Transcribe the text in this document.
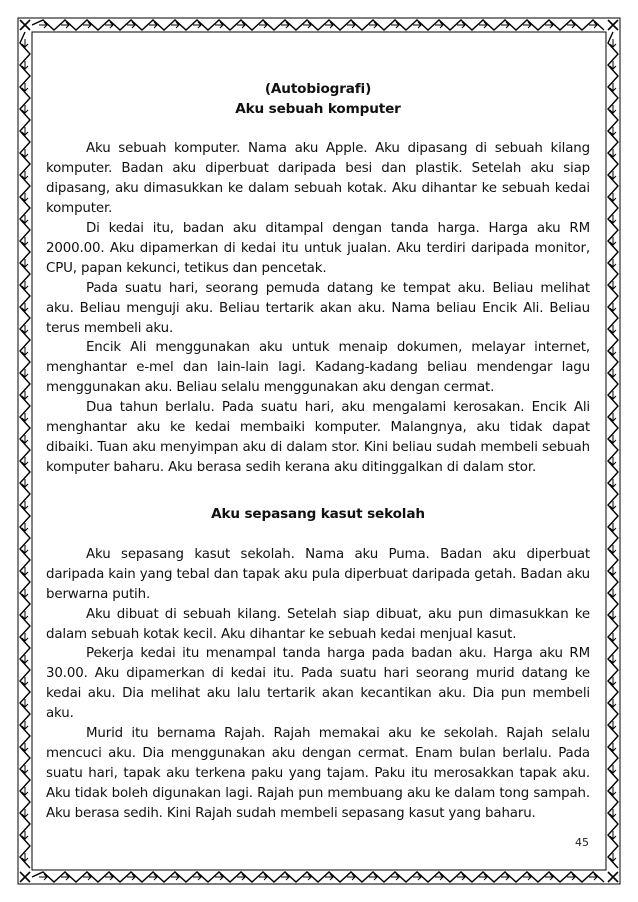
(Autobiografi)
Aku sebuah komputer

Aku sebuah komputer. Nama aku Apple. Aku dipasang di sebuah kilang komputer. Badan aku diperbuat daripada besi dan plastik. Setelah aku siap dipasang, aku dimasukkan ke dalam sebuah kotak. Aku dihantar ke sebuah kedai komputer.

Di kedai itu, badan aku ditampal dengan tanda harga. Harga aku RM 2000.00. Aku dipamerkan di kedai itu untuk jualan. Aku terdiri daripada monitor, CPU, papan kekunci, tetikus dan pencetak.

Pada suatu hari, seorang pemuda datang ke tempat aku. Beliau melihat aku. Beliau menguji aku. Beliau tertarik akan aku. Nama beliau Encik Ali. Beliau terus membeli aku.

Encik Ali menggunakan aku untuk menaip dokumen, melayar internet, menghantar e-mel dan lain-lain lagi. Kadang-kadang beliau mendengar lagu menggunakan aku. Beliau selalu menggunakan aku dengan cermat.

Dua tahun berlalu. Pada suatu hari, aku mengalami kerosakan. Encik Ali menghantar aku ke kedai membaiki komputer. Malangnya, aku tidak dapat dibaiki. Tuan aku menyimpan aku di dalam stor. Kini beliau sudah membeli sebuah komputer baharu. Aku berasa sedih kerana aku ditinggalkan di dalam stor.

Aku sepasang kasut sekolah

Aku sepasang kasut sekolah. Nama aku Puma. Badan aku diperbuat daripada kain yang tebal dan tapak aku pula diperbuat daripada getah. Badan aku berwarna putih.

Aku dibuat di sebuah kilang. Setelah siap dibuat, aku pun dimasukkan ke dalam sebuah kotak kecil. Aku dihantar ke sebuah kedai menjual kasut.

Pekerja kedai itu menampal tanda harga pada badan aku. Harga aku RM 30.00. Aku dipamerkan di kedai itu. Pada suatu hari seorang murid datang ke kedai aku. Dia melihat aku lalu tertarik akan kecantikan aku. Dia pun membeli aku.

Murid itu bernama Rajah. Rajah memakai aku ke sekolah. Rajah selalu mencuci aku. Dia menggunakan aku dengan cermat. Enam bulan berlalu. Pada suatu hari, tapak aku terkena paku yang tajam. Paku itu merosakkan tapak aku. Aku tidak boleh digunakan lagi. Rajah pun membuang aku ke dalam tong sampah. Aku berasa sedih. Kini Rajah sudah membeli sepasang kasut yang baharu.

45
